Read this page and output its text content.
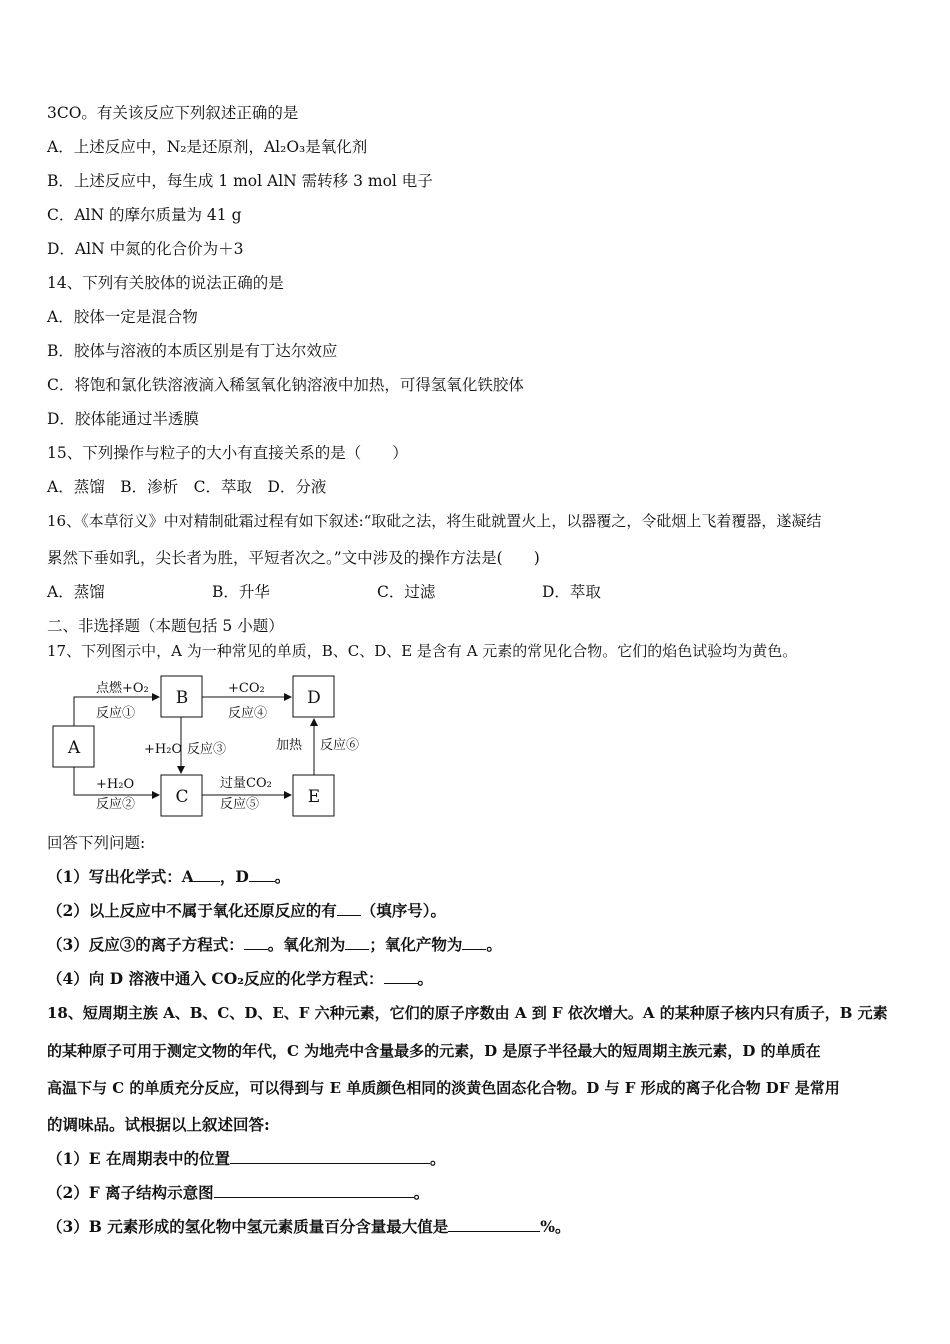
3CO。有关该反应下列叙述正确的是
A．上述反应中，N₂是还原剂，Al₂O₃是氧化剂
B．上述反应中，每生成 1 mol AlN 需转移 3 mol 电子
C．AlN 的摩尔质量为 41 g
D．AlN 中氮的化合价为＋3
14、下列有关胶体的说法正确的是
A．胶体一定是混合物
B．胶体与溶液的本质区别是有丁达尔效应
C．将饱和氯化铁溶液滴入稀氢氧化钠溶液中加热，可得氢氧化铁胶体
D．胶体能通过半透膜
15、下列操作与粒子的大小有直接关系的是（　　）
A．蒸馏　B．渗析　C．萃取　D．分液
16、《本草衍义》中对精制砒霜过程有如下叙述:“取砒之法，将生砒就置火上，以器覆之，令砒烟上飞着覆器，遂凝结
累然下垂如乳，尖长者为胜，平短者次之。”文中涉及的操作方法是(　　)
A．蒸馏	B．升华	C．过滤	D．萃取
二、非选择题（本题包括 5 小题）
17、下列图示中，A 为一种常见的单质，B、C、D、E 是含有 A 元素的常见化合物。它们的焰色试验均为黄色。
A
B
C
D
E
点燃+O₂
反应①
+H₂O
反应②
+H₂O 反应③
+CO₂
反应④
过量CO₂
反应⑤
加热 反应⑥
回答下列问题:
（1）写出化学式：A ，D 。
（2）以上反应中不属于氧化还原反应的有 （填序号）。
（3）反应③的离子方程式： 。氧化剂为 ；氧化产物为 。
（4）向 D 溶液中通入 CO₂反应的化学方程式： 。
18、短周期主族 A、B、C、D、E、F 六种元素，它们的原子序数由 A 到 F 依次增大。A 的某种原子核内只有质子，B 元素
的某种原子可用于测定文物的年代，C 为地壳中含量最多的元素，D 是原子半径最大的短周期主族元素，D 的单质在
高温下与 C 的单质充分反应，可以得到与 E 单质颜色相同的淡黄色固态化合物。D 与 F 形成的离子化合物 DF 是常用
的调味品。试根据以上叙述回答:
（1）E 在周期表中的位置	。
（2）F 离子结构示意图	。
（3）B 元素形成的氢化物中氢元素质量百分含量最大值是	%。
